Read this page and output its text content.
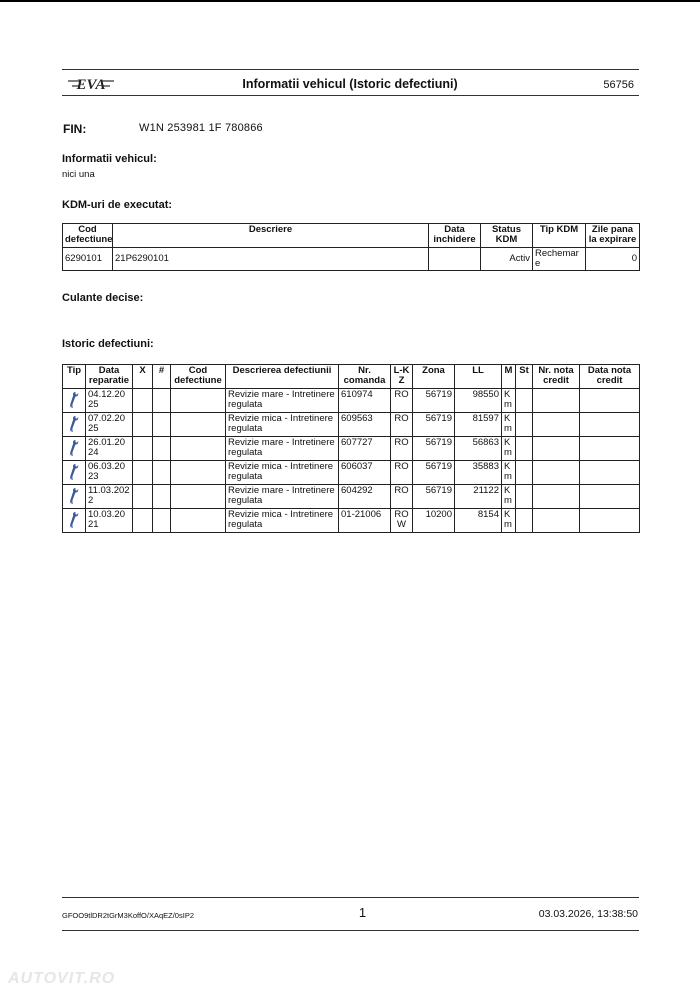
EVA	Informatii vehicul (Istoric defectiuni)	56756
FIN:	W1N 253981 1F 780866
Informatii vehicul:
nici una
KDM-uri de executat:
Cod defectiune	Descriere	Data inchidere	Status KDM	Tip KDM	Zile pana la expirare
6290101	21P6290101		Activ	Rechemare	0
Culante decise:
Istoric defectiuni:
Tip	Data reparatie	X	#	Cod defectiune	Descrierea defectiunii	Nr. comanda	L-KZ	Zona	LL	M	St	Nr. nota credit	Data nota credit

	04.12.2025				Revizie mare - Intretinere regulata	610974	RO	56719	98550	Km			

	07.02.2025				Revizie mica - Intretinere regulata	609563	RO	56719	81597	Km			

	26.01.2024				Revizie mare - Intretinere regulata	607727	RO	56719	56863	Km			

	06.03.2023				Revizie mica - Intretinere regulata	606037	RO	56719	35883	Km			

	11.03.2022				Revizie mare - Intretinere regulata	604292	RO	56719	21122	Km			

	10.03.2021				Revizie mica - Intretinere regulata	01-21006	ROW	10200	8154	Km			
GFOO9tlDR2tGrM3KoffO/XAqEZ/0sIP2	1	03.03.2026, 13:38:50
AUTOVIT.RO
